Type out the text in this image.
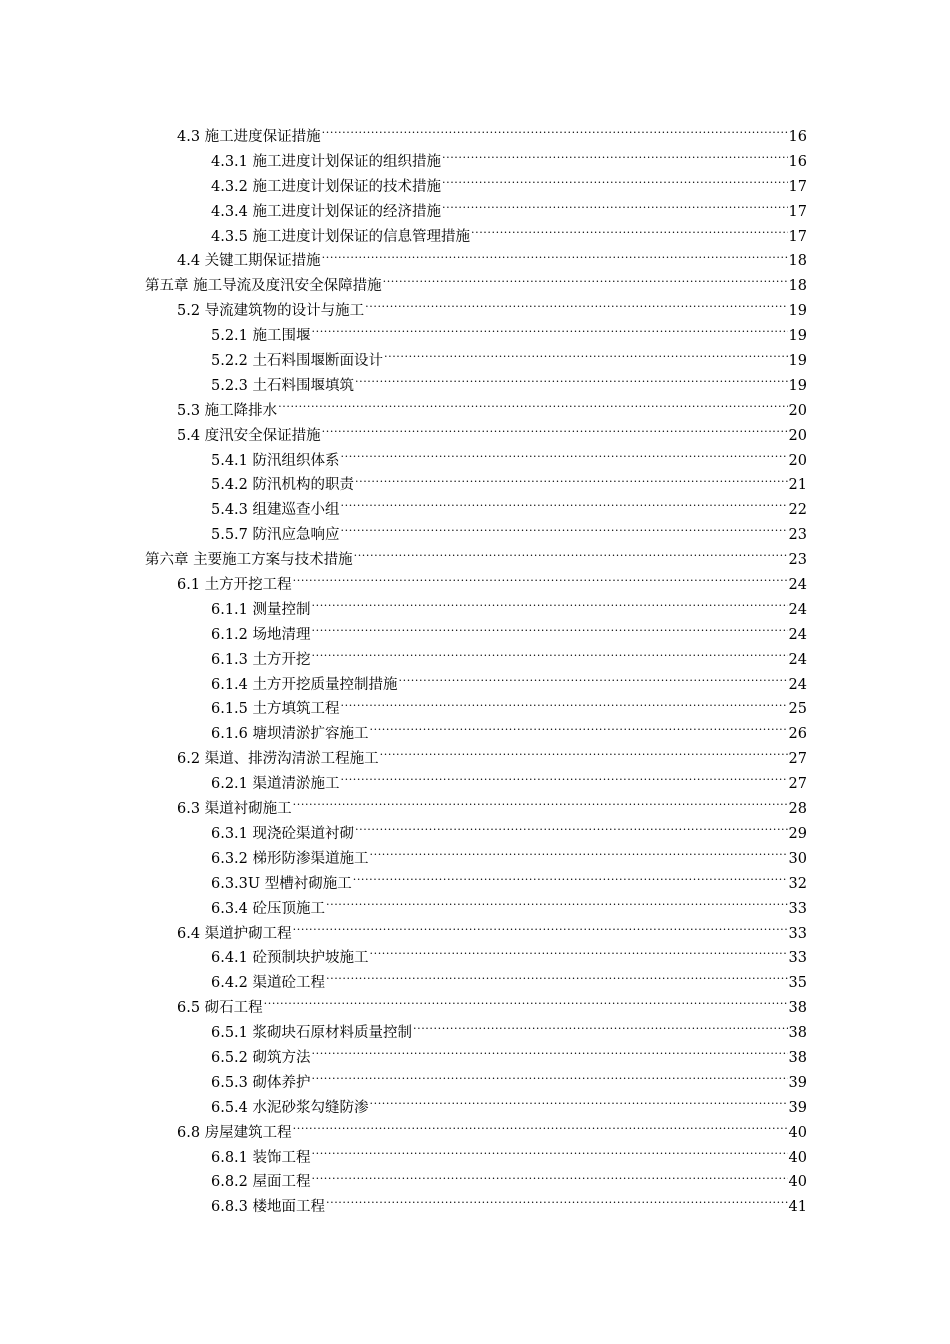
4.3 施工进度保证措施 .....	16
4.3.1 施工进度计划保证的组织措施 .....	16
4.3.2 施工进度计划保证的技术措施 .....	17
4.3.4 施工进度计划保证的经济措施 .....	17
4.3.5 施工进度计划保证的信息管理措施 .....	17
4.4 关键工期保证措施 .....	18
第五章 施工导流及度汛安全保障措施 .....	18
5.2 导流建筑物的设计与施工 .....	19
5.2.1 施工围堰 .....	19
5.2.2 土石料围堰断面设计 .....	19
5.2.3 土石料围堰填筑 .....	19
5.3 施工降排水 .....	20
5.4 度汛安全保证措施 .....	20
5.4.1 防汛组织体系 .....	20
5.4.2 防汛机构的职责 .....	21
5.4.3 组建巡查小组 .....	22
5.5.7 防汛应急响应 .....	23
第六章 主要施工方案与技术措施 .....	23
6.1 土方开挖工程 .....	24
6.1.1 测量控制 .....	24
6.1.2 场地清理 .....	24
6.1.3 土方开挖 .....	24
6.1.4 土方开挖质量控制措施 .....	24
6.1.5 土方填筑工程 .....	25
6.1.6 塘坝清淤扩容施工 .....	26
6.2 渠道、排涝沟清淤工程施工 .....	27
6.2.1 渠道清淤施工 .....	27
6.3 渠道衬砌施工 .....	28
6.3.1 现浇砼渠道衬砌 .....	29
6.3.2 梯形防渗渠道施工 .....	30
6.3.3U 型槽衬砌施工 .....	32
6.3.4 砼压顶施工 .....	33
6.4 渠道护砌工程 .....	33
6.4.1 砼预制块护坡施工 .....	33
6.4.2 渠道砼工程 .....	35
6.5 砌石工程 .....	38
6.5.1 浆砌块石原材料质量控制 .....	38
6.5.2 砌筑方法 .....	38
6.5.3 砌体养护 .....	39
6.5.4 水泥砂浆勾缝防渗 .....	39
6.8 房屋建筑工程 .....	40
6.8.1 装饰工程 .....	40
6.8.2 屋面工程 .....	40
6.8.3 楼地面工程 .....	41
